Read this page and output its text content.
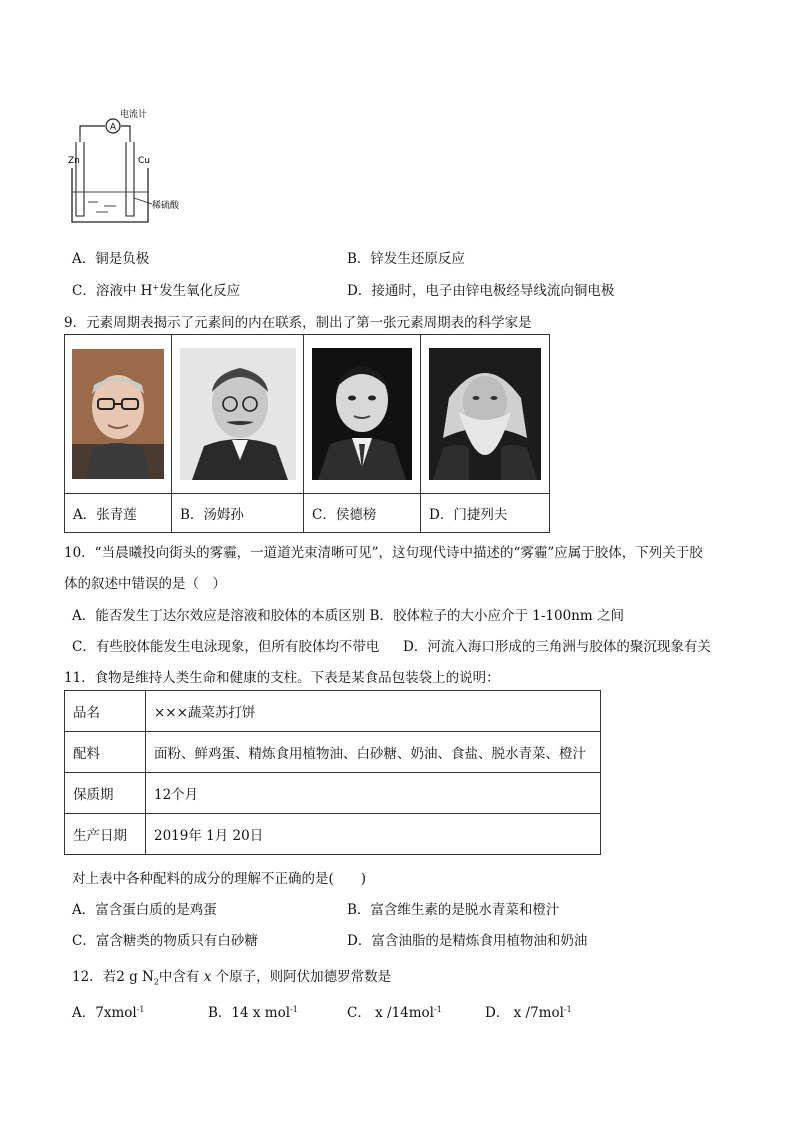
A
电流计
Zn	Cu
稀硫酸
A．铜是负极	B．锌发生还原反应
C．溶液中 H+发生氧化反应	D．接通时，电子由锌电极经导线流向铜电极
9．元素周期表揭示了元素间的内在联系，制出了第一张元素周期表的科学家是

A．张青莲	B．汤姆孙	C．侯德榜	D．门捷列夫
10．“当晨曦投向街头的雾霾，一道道光束清晰可见”，这句现代诗中描述的“雾霾”应属于胶体，下列关于胶
体的叙述中错误的是（　）
A．能否发生丁达尔效应是溶液和胶体的本质区别 B．胶体粒子的大小应介于 1-100nm 之间
C．有些胶体能发生电泳现象，但所有胶体均不带电 D．河流入海口形成的三角洲与胶体的聚沉现象有关
11．食物是维持人类生命和健康的支柱。下表是某食品包装袋上的说明：
品名	×××蔬菜苏打饼
配料	面粉、鲜鸡蛋、精炼食用植物油、白砂糖、奶油、食盐、脱水青菜、橙汁
保质期	12个月
生产日期	2019年 1月 20日
对上表中各种配料的成分的理解不正确的是(　　)
A．富含蛋白质的是鸡蛋	B．富含维生素的是脱水青菜和橙汁
C．富含糖类的物质只有白砂糖	D．富含油脂的是精炼食用植物油和奶油
12．若2 g $N_2$中含有 x 个原子，则阿伏加德罗常数是
A．7xmol$^{-1}$	B．14 x mol$^{-1}$	C． x /14mol$^{-1}$	D． x /7mol$^{-1}$
